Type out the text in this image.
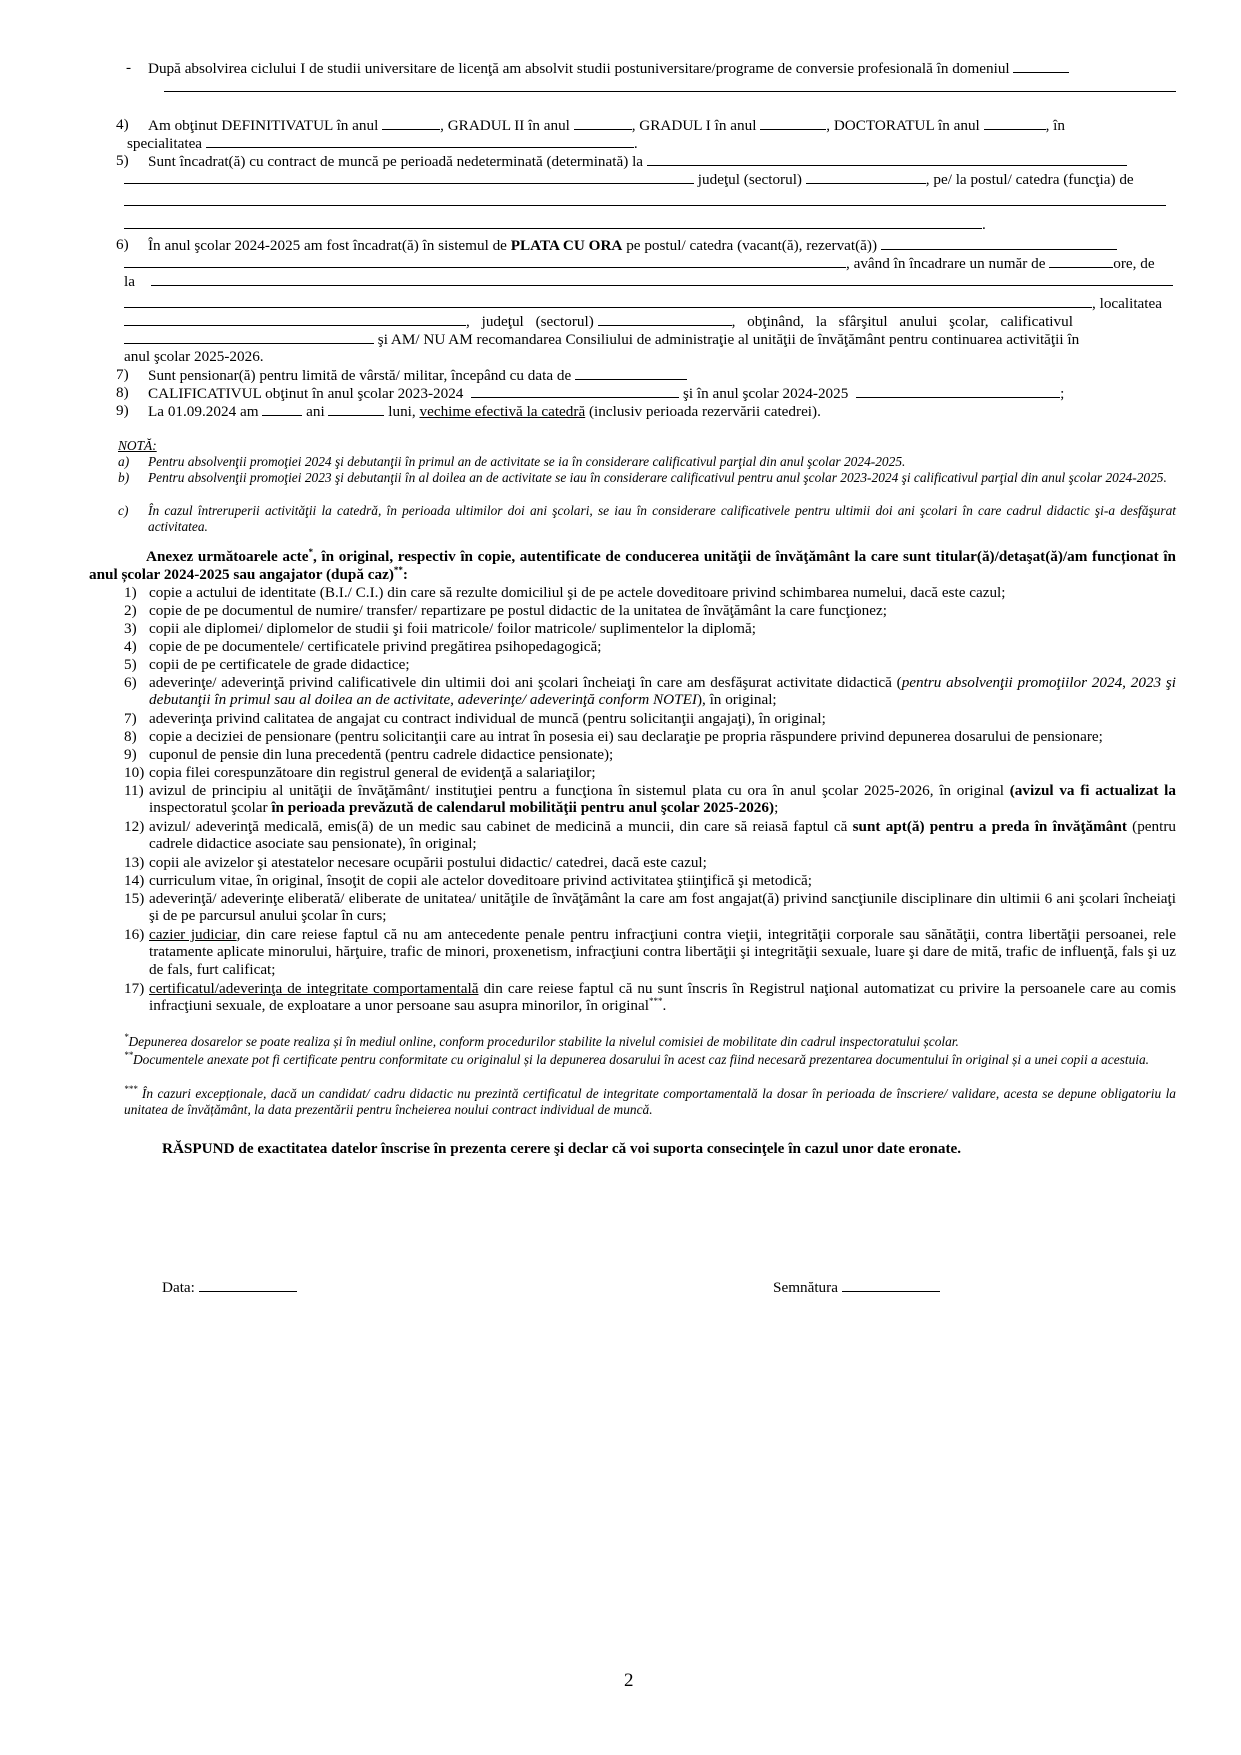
- După absolvirea ciclului I de studii universitare de licenţă am absolvit studii postuniversitare/programe de conversie profesională în domeniul
4) Am obţinut DEFINITIVATUL în anul	, GRADUL II în anul	, GRADUL I în anul	, DOCTORATUL în anul	, în
specialitatea	.
5) Sunt încadrat(ă) cu contract de muncă pe perioadă nedeterminată (determinată) la
judeţul (sectorul)	, pe/ la postul/ catedra (funcţia) de
.
6) În anul şcolar 2024-2025 am fost încadrat(ă) în sistemul de PLATA CU ORA pe postul/ catedra (vacant(ă), rezervat(ă))
, având în încadrare un număr de	ore, de
la
, localitatea
, judeţul (sectorul)	, obţinând, la sfârşitul anului şcolar, calificativul
şi AM/ NU AM recomandarea Consiliului de administraţie al unităţii de învăţământ pentru continuarea activităţii în
anul şcolar 2025-2026.
7) Sunt pensionar(ă) pentru limită de vârstă/ militar, începând cu data de
8) CALIFICATIVUL obţinut în anul şcolar 2023-2024	şi în anul şcolar 2024-2025	;
9) La 01.09.2024 am	ani	luni, vechime efectivă la catedră (inclusiv perioada rezervării catedrei).
NOTĂ:
a) Pentru absolvenţii promoţiei 2024 şi debutanţii în primul an de activitate se ia în considerare calificativul parţial din anul şcolar 2024-2025.
b) Pentru absolvenţii promoţiei 2023 şi debutanţii în al doilea an de activitate se iau în considerare calificativul pentru anul şcolar 2023-2024 şi calificativul parţial din anul şcolar 2024-2025.
c) În cazul întreruperii activităţii la catedră, în perioada ultimilor doi ani şcolari, se iau în considerare calificativele pentru ultimii doi ani şcolari în care cadrul didactic şi-a desfăşurat activitatea.
Anexez următoarele acte*, în original, respectiv în copie, autentificate de conducerea unităţii de învăţământ la care sunt titular(ă)/detaşat(ă)/am funcționat în anul școlar 2024-2025 sau angajator (după caz)**:
1) copie a actului de identitate (B.I./ C.I.) din care să rezulte domiciliul şi de pe actele doveditoare privind schimbarea numelui, dacă este cazul;
2) copie de pe documentul de numire/ transfer/ repartizare pe postul didactic de la unitatea de învăţământ la care funcţionez;
3) copii ale diplomei/ diplomelor de studii şi foii matricole/ foilor matricole/ suplimentelor la diplomă;
4) copie de pe documentele/ certificatele privind pregătirea psihopedagogică;
5) copii de pe certificatele de grade didactice;
6) adeverinţe/ adeverinţă privind calificativele din ultimii doi ani şcolari încheiaţi în care am desfăşurat activitate didactică (pentru absolvenţii promoţiilor 2024, 2023 şi debutanţii în primul sau al doilea an de activitate, adeverinţe/ adeverinţă conform NOTEI), în original;
7) adeverinţa privind calitatea de angajat cu contract individual de muncă (pentru solicitanţii angajaţi), în original;
8) copie a deciziei de pensionare (pentru solicitanţii care au intrat în posesia ei) sau declaraţie pe propria răspundere privind depunerea dosarului de pensionare;
9) cuponul de pensie din luna precedentă (pentru cadrele didactice pensionate);
10) copia filei corespunzătoare din registrul general de evidenţă a salariaţilor;
11) avizul de principiu al unităţii de învăţământ/ instituţiei pentru a funcţiona în sistemul plata cu ora în anul şcolar 2025-2026, în original (avizul va fi actualizat la inspectoratul şcolar în perioada prevăzută de calendarul mobilităţii pentru anul şcolar 2025-2026);
12) avizul/ adeverinţă medicală, emis(ă) de un medic sau cabinet de medicină a muncii, din care să reiasă faptul că sunt apt(ă) pentru a preda în învăţământ (pentru cadrele didactice asociate sau pensionate), în original;
13) copii ale avizelor şi atestatelor necesare ocupării postului didactic/ catedrei, dacă este cazul;
14) curriculum vitae, în original, însoţit de copii ale actelor doveditoare privind activitatea ştiinţifică şi metodică;
15) adeverinţă/ adeverinţe eliberată/ eliberate de unitatea/ unităţile de învăţământ la care am fost angajat(ă) privind sancţiunile disciplinare din ultimii 6 ani şcolari încheiaţi şi de pe parcursul anului şcolar în curs;
16) cazier judiciar, din care reiese faptul că nu am antecedente penale pentru infracţiuni contra vieţii, integrităţii corporale sau sănătăţii, contra libertăţii persoanei, rele tratamente aplicate minorului, hărţuire, trafic de minori, proxenetism, infracţiuni contra libertăţii şi integrităţii sexuale, luare şi dare de mită, trafic de influenţă, fals şi uz de fals, furt calificat;
17) certificatul/adeverinţa de integritate comportamentală din care reiese faptul că nu sunt înscris în Registrul naţional automatizat cu privire la persoanele care au comis infracţiuni sexuale, de exploatare a unor persoane sau asupra minorilor, în original***.
*Depunerea dosarelor se poate realiza și în mediul online, conform procedurilor stabilite la nivelul comisiei de mobilitate din cadrul inspectoratului școlar.
**Documentele anexate pot fi certificate pentru conformitate cu originalul și la depunerea dosarului în acest caz fiind necesară prezentarea documentului în original și a unei copii a acestuia.
*** În cazuri excepționale, dacă un candidat/ cadru didactic nu prezintă certificatul de integritate comportamentală la dosar în perioada de înscriere/ validare, acesta se depune obligatoriu la unitatea de învățământ, la data prezentării pentru încheierea noului contract individual de muncă.
RĂSPUND de exactitatea datelor înscrise în prezenta cerere şi declar că voi suporta consecinţele în cazul unor date eronate.
Data:	Semnătura
2
